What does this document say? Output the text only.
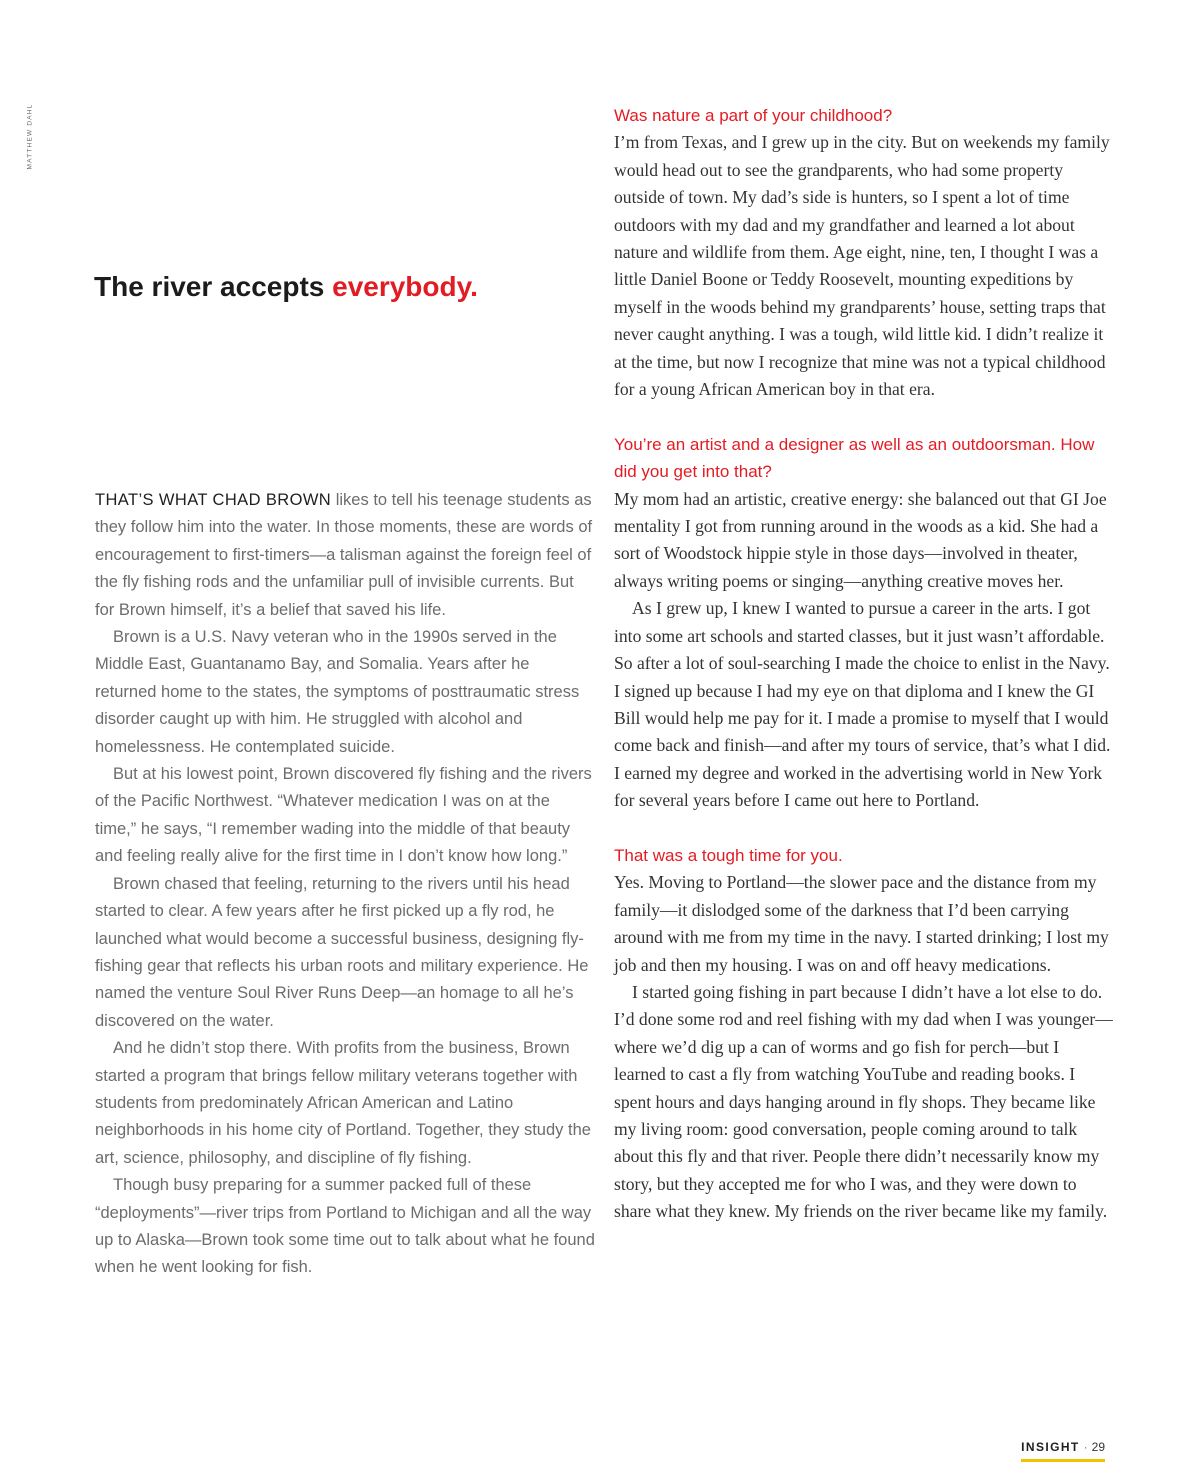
MATTHEW DAHL
The river accepts everybody.

THAT’S WHAT CHAD BROWN likes to tell his teenage students as they follow him into the water. In those moments, these are words of encouragement to first-timers—a talisman against the foreign feel of the fly fishing rods and the unfamiliar pull of invisible currents. But for Brown himself, it’s a belief that saved his life.

Brown is a U.S. Navy veteran who in the 1990s served in the Middle East, Guantanamo Bay, and Somalia. Years after he returned home to the states, the symptoms of posttraumatic stress disorder caught up with him. He struggled with alcohol and homelessness. He contemplated suicide.

But at his lowest point, Brown discovered fly fishing and the rivers of the Pacific Northwest. “Whatever medication I was on at the time,” he says, “I remember wading into the middle of that beauty and feeling really alive for the first time in I don’t know how long.”

Brown chased that feeling, returning to the rivers until his head started to clear. A few years after he first picked up a fly rod, he launched what would become a successful business, designing fly-fishing gear that reflects his urban roots and military experience. He named the venture Soul River Runs Deep—an homage to all he’s discovered on the water.

And he didn’t stop there. With profits from the business, Brown started a program that brings fellow military veterans together with students from predominately African American and Latino neighborhoods in his home city of Portland. Together, they study the art, science, philosophy, and discipline of fly fishing.

Though busy preparing for a summer packed full of these “deployments”—river trips from Portland to Michigan and all the way up to Alaska—Brown took some time out to talk about what he found when he went looking for fish.

Was nature a part of your childhood?

I’m from Texas, and I grew up in the city. But on weekends my family would head out to see the grandparents, who had some property outside of town. My dad’s side is hunters, so I spent a lot of time outdoors with my dad and my grandfather and learned a lot about nature and wildlife from them. Age eight, nine, ten, I thought I was a little Daniel Boone or Teddy Roosevelt, mounting expeditions by myself in the woods behind my grandparents’ house, setting traps that never caught anything. I was a tough, wild little kid. I didn’t realize it at the time, but now I recognize that mine was not a typical childhood for a young African American boy in that era.

You’re an artist and a designer as well as an outdoorsman. How did you get into that?

My mom had an artistic, creative energy: she balanced out that GI Joe mentality I got from running around in the woods as a kid. She had a sort of Woodstock hippie style in those days—involved in theater, always writing poems or singing—anything creative moves her.

As I grew up, I knew I wanted to pursue a career in the arts. I got into some art schools and started classes, but it just wasn’t affordable. So after a lot of soul-searching I made the choice to enlist in the Navy. I signed up because I had my eye on that diploma and I knew the GI Bill would help me pay for it. I made a promise to myself that I would come back and finish—and after my tours of service, that’s what I did. I earned my degree and worked in the advertising world in New York for several years before I came out here to Portland.

That was a tough time for you.

Yes. Moving to Portland—the slower pace and the distance from my family—it dislodged some of the darkness that I’d been carrying around with me from my time in the navy. I started drinking; I lost my job and then my housing. I was on and off heavy medications.

I started going fishing in part because I didn’t have a lot else to do. I’d done some rod and reel fishing with my dad when I was younger—where we’d dig up a can of worms and go fish for perch—but I learned to cast a fly from watching YouTube and reading books. I spent hours and days hanging around in fly shops. They became like my living room: good conversation, people coming around to talk about this fly and that river. People there didn’t necessarily know my story, but they accepted me for who I was, and they were down to share what they knew. My friends on the river became like my family.

INSIGHT · 29
